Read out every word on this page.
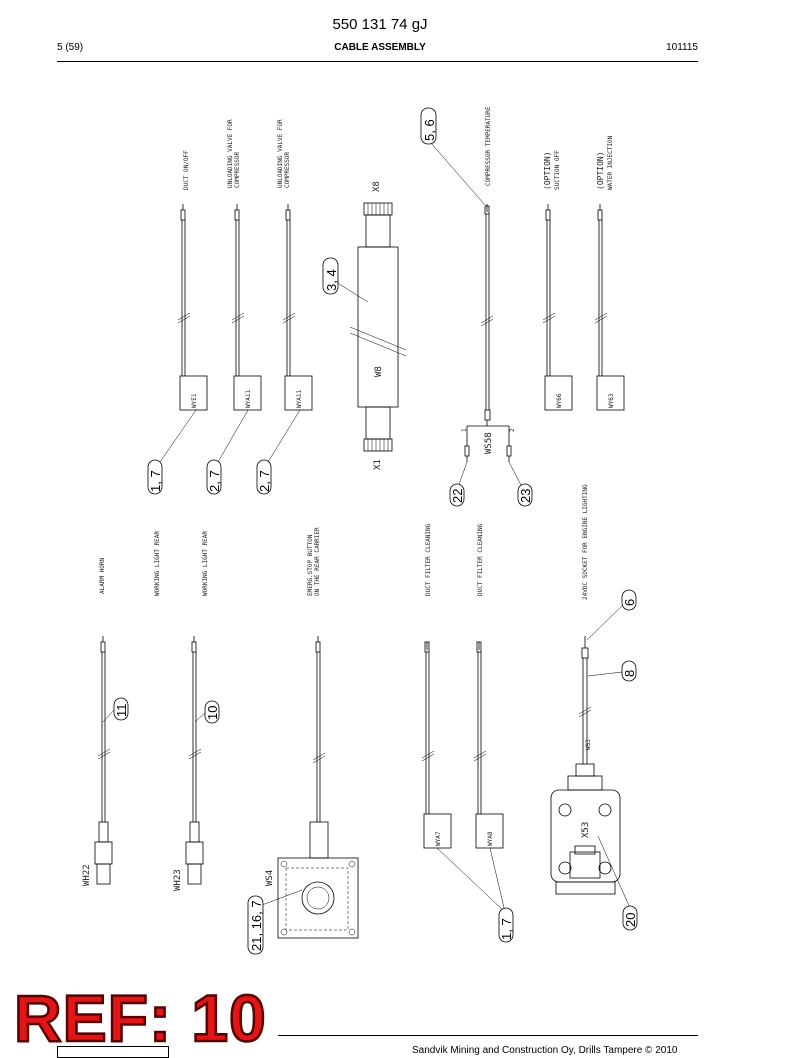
550 131 74 gJ
5 (59)	CABLE ASSEMBLY	101115
DUCT ON/OFF	UNLOADING VALVE FOR COMPRESSOR	UNLOADING VALVE FOR COMPRESSOR	COMPRESSOR TEMPERATURE	(OPTION) SUCTION OFF	(OPTION) WATER INJECTION
WYE1	WYA11	WYA11
X8
W8
X1
1	2
WS58
WY66	WY63
1, 7	2, 7	2, 7
3, 4
5, 6
22	23
ALARM HORN	WORKING LIGHT REAR	WORKING LIGHT REAR	EMERG.STOP BUTTON ON THE REAR CARRIER	DUCT FILTER CLEANING	DUCT FILTER CLEANING	24VDC SOCKET FOR ENGINE LIGHTING
WH22	WH23	WS4
WYA7	WYA8
WS3
X53
11	10
21, 16, 7	1, 7
6
8
20
REF: 10	Sandvik Mining and Construction Oy, Drills Tampere © 2010
